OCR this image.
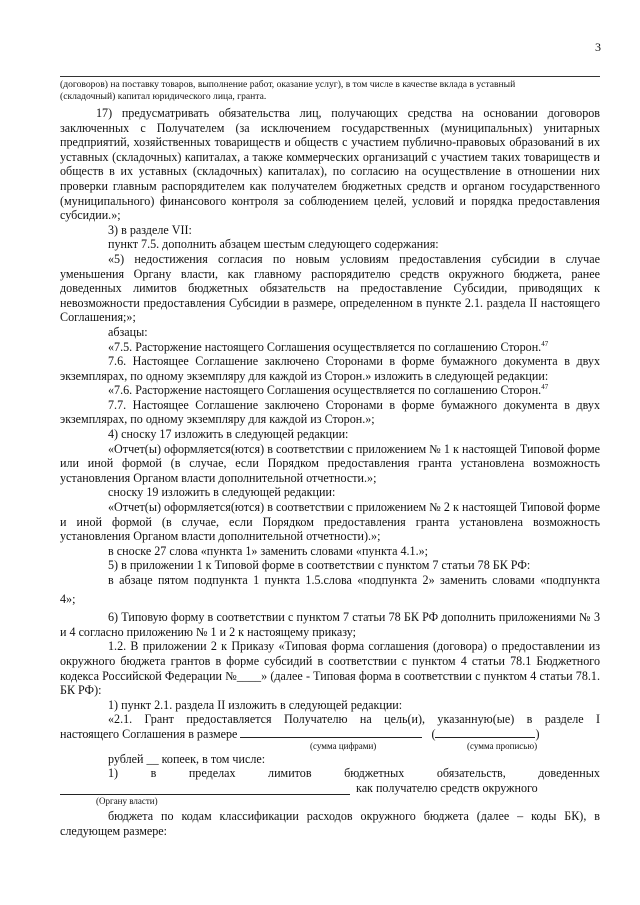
3

(договоров) на поставку товаров, выполнение работ, оказание услуг), в том числе в качестве вклада в уставный

(складочный) капитал юридического лица, гранта.

17) предусматривать обязательства лиц, получающих средства на основании договоров заключенных с Получателем (за исключением государственных (муниципальных) унитарных предприятий, хозяйственных товариществ и обществ с участием публично-правовых образований в их уставных (складочных) капиталах, а также коммерческих организаций с участием таких товариществ и обществ в их уставных (складочных) капиталах), по согласию на осуществление в отношении них проверки главным распорядителем как получателем бюджетных средств и органом государственного (муниципального) финансового контроля за соблюдением целей, условий и порядка предоставления субсидии.»;

3) в разделе VII:

пункт 7.5. дополнить абзацем шестым следующего содержания:

«5) недостижения согласия по новым условиям предоставления субсидии в случае уменьшения Органу власти, как главному распорядителю средств окружного бюджета, ранее доведенных лимитов бюджетных обязательств на предоставление Субсидии, приводящих к невозможности предоставления Субсидии в размере, определенном в пункте 2.1. раздела II настоящего Соглашения;»;

абзацы:

«7.5. Расторжение настоящего Соглашения осуществляется по соглашению Сторон.$^{47}$

7.6. Настоящее Соглашение заключено Сторонами в форме бумажного документа в двух экземплярах, по одному экземпляру для каждой из Сторон.» изложить в следующей редакции:

«7.6. Расторжение настоящего Соглашения осуществляется по соглашению Сторон.$^{47}$

7.7. Настоящее Соглашение заключено Сторонами в форме бумажного документа в двух экземплярах, по одному экземпляру для каждой из Сторон.»;

4) сноску 17 изложить в следующей редакции:

«Отчет(ы) оформляется(ются) в соответствии с приложением № 1 к настоящей Типовой форме или иной формой (в случае, если Порядком предоставления гранта установлена возможность установления Органом власти дополнительной отчетности.»;

сноску 19 изложить в следующей редакции:

«Отчет(ы) оформляется(ются) в соответствии с приложением № 2 к настоящей Типовой форме и иной формой (в случае, если Порядком предоставления гранта установлена возможность установления Органом власти дополнительной отчетности).»;

в сноске 27 слова «пункта 1» заменить словами «пункта 4.1.»;

5) в приложении 1 к Типовой форме в соответствии с пунктом 7 статьи 78 БК РФ:

в абзаце пятом подпункта 1 пункта 1.5.слова «подпункта 2» заменить словами «подпункта

4»;

6) Типовую форму в соответствии с пунктом 7 статьи 78 БК РФ дополнить приложениями № 3 и 4 согласно приложению № 1 и 2 к настоящему приказу;

1.2. В приложении 2 к Приказу «Типовая форма соглашения (договора) о предоставлении из окружного бюджета грантов в форме субсидий в соответствии с пунктом 4 статьи 78.1 Бюджетного кодекса Российской Федерации №____» (далее - Типовая форма в соответствии с пунктом 4 статьи 78.1. БК РФ):

1) пункт 2.1. раздела II изложить в следующей редакции:

«2.1. Грант предоставляется Получателю на цель(и), указанную(ые) в разделе I

настоящего Соглашения в размере	(	)

(сумма цифрами)	(сумма прописью)

рублей __ копеек, в том числе:

1)	в	пределах	лимитов	бюджетных	обязательств,	доведенных
как получателю средств окружного
(Органу власти)

бюджета по кодам классификации расходов окружного бюджета (далее – коды БК), в следующем размере:
